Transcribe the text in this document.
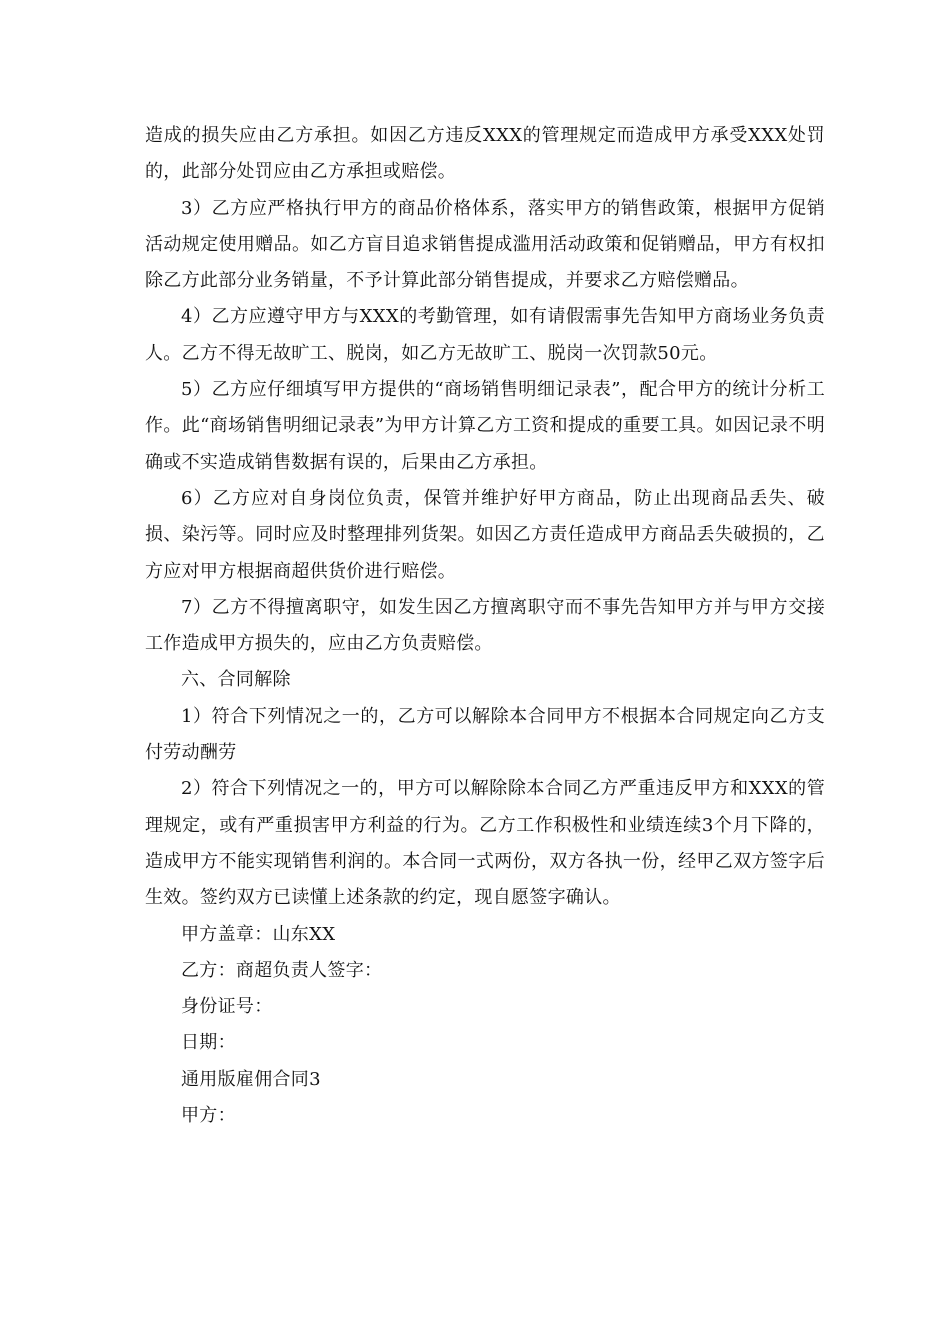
造成的损失应由乙方承担。如因乙方违反XXX的管理规定而造成甲方承受XXX处罚的，此部分处罚应由乙方承担或赔偿。

3）乙方应严格执行甲方的商品价格体系，落实甲方的销售政策，根据甲方促销活动规定使用赠品。如乙方盲目追求销售提成滥用活动政策和促销赠品，甲方有权扣除乙方此部分业务销量，不予计算此部分销售提成，并要求乙方赔偿赠品。

4）乙方应遵守甲方与XXX的考勤管理，如有请假需事先告知甲方商场业务负责人。乙方不得无故旷工、脱岗，如乙方无故旷工、脱岗一次罚款50元。

5）乙方应仔细填写甲方提供的“商场销售明细记录表”，配合甲方的统计分析工作。此“商场销售明细记录表”为甲方计算乙方工资和提成的重要工具。如因记录不明确或不实造成销售数据有误的，后果由乙方承担。

6）乙方应对自身岗位负责，保管并维护好甲方商品，防止出现商品丢失、破损、染污等。同时应及时整理排列货架。如因乙方责任造成甲方商品丢失破损的，乙方应对甲方根据商超供货价进行赔偿。

7）乙方不得擅离职守，如发生因乙方擅离职守而不事先告知甲方并与甲方交接工作造成甲方损失的，应由乙方负责赔偿。

六、合同解除

1）符合下列情况之一的，乙方可以解除本合同甲方不根据本合同规定向乙方支付劳动酬劳

2）符合下列情况之一的，甲方可以解除除本合同乙方严重违反甲方和XXX的管理规定，或有严重损害甲方利益的行为。乙方工作积极性和业绩连续3个月下降的，造成甲方不能实现销售利润的。本合同一式两份，双方各执一份，经甲乙双方签字后生效。签约双方已读懂上述条款的约定，现自愿签字确认。

甲方盖章：山东XX

乙方：商超负责人签字：

身份证号：

日期：

通用版雇佣合同3

甲方：
